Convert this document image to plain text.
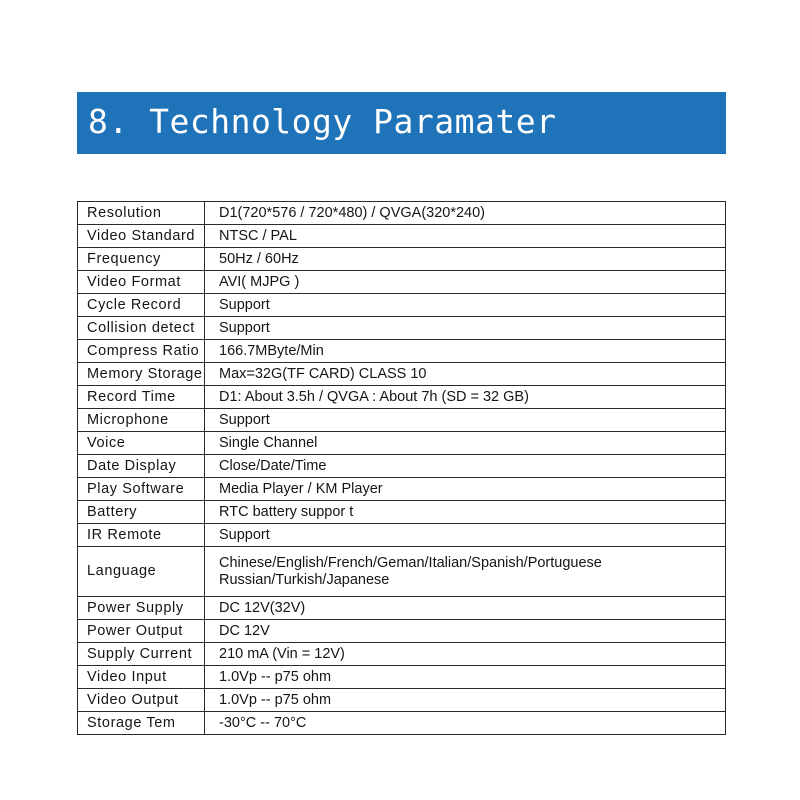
8. Technology Paramater
Resolution	D1(720*576 / 720*480) / QVGA(320*240)
Video Standard	NTSC / PAL
Frequency	50Hz / 60Hz
Video Format	AVI( MJPG )
Cycle Record	Support
Collision detect	Support
Compress Ratio	166.7MByte/Min
Memory Storage	Max=32G(TF CARD) CLASS 10
Record Time	D1: About 3.5h / QVGA : About 7h (SD = 32 GB)
Microphone	Support
Voice	Single Channel
Date Display	Close/Date/Time
Play Software	Media Player / KM Player
Battery	RTC battery suppor t
IR Remote	Support
Language	Chinese/English/French/Geman/Italian/Spanish/Portuguese
Russian/Turkish/Japanese

Power Supply	DC 12V(32V)
Power Output	DC 12V
Supply Current	210 mA (Vin = 12V)
Video Input	1.0Vp -- p75 ohm
Video Output	1.0Vp -- p75 ohm
Storage Tem	-30°C -- 70°C
